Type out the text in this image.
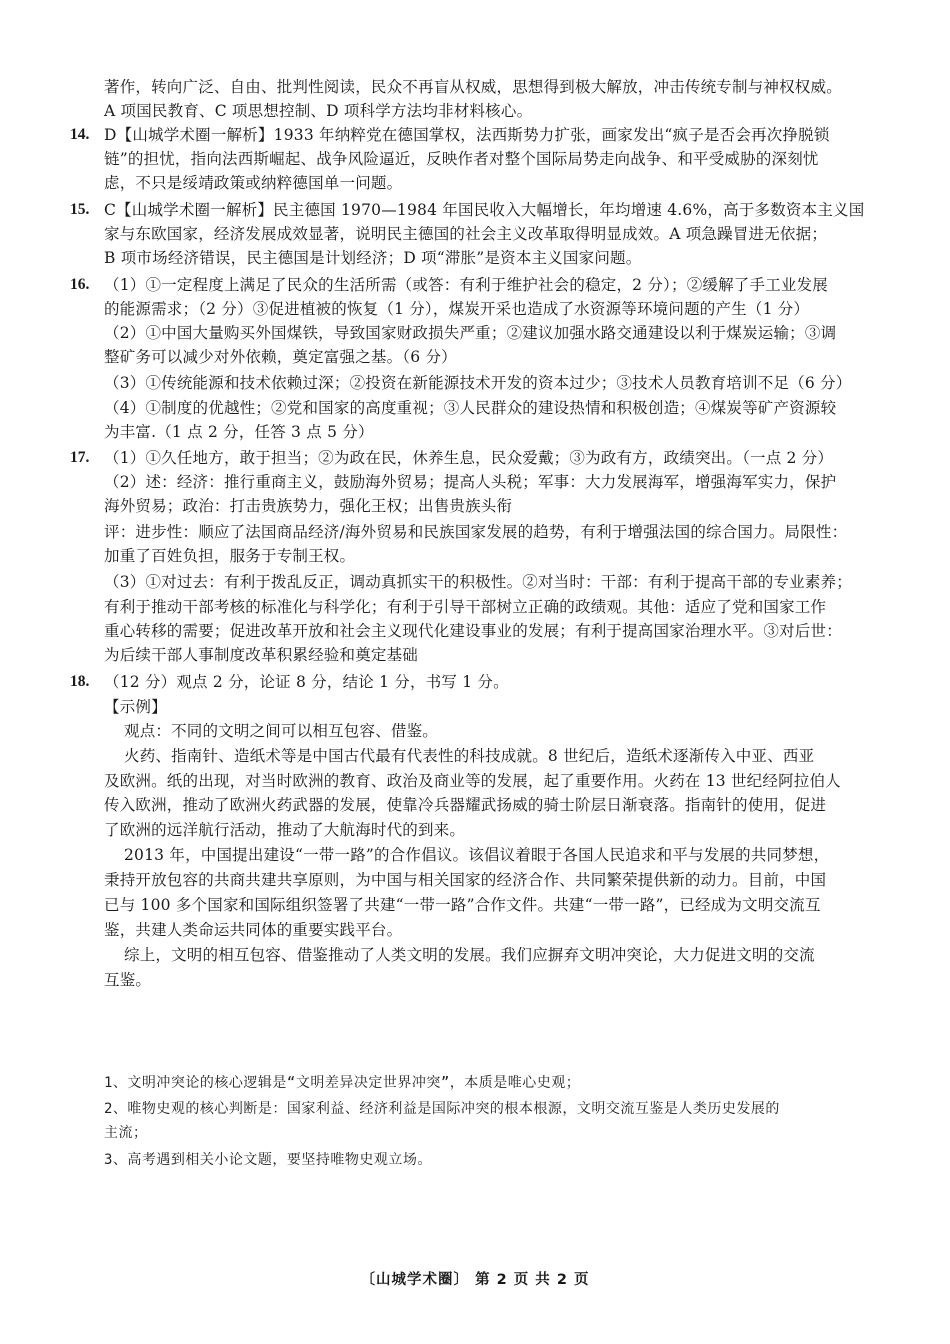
著作，转向广泛、自由、批判性阅读，民众不再盲从权威，思想得到极大解放，冲击传统专制与神权权威。
A 项国民教育、C 项思想控制、D 项科学方法均非材料核心。
14. D【山城学术圈一解析】1933 年纳粹党在德国掌权，法西斯势力扩张，画家发出“疯子是否会再次挣脱锁
链”的担忧，指向法西斯崛起、战争风险逼近，反映作者对整个国际局势走向战争、和平受威胁的深刻忧
虑，不只是绥靖政策或纳粹德国单一问题。
15. C【山城学术圈一解析】民主德国 1970—1984 年国民收入大幅增长，年均增速 4.6%，高于多数资本主义国
家与东欧国家，经济发展成效显著，说明民主德国的社会主义改革取得明显成效。A 项急躁冒进无依据；
B 项市场经济错误，民主德国是计划经济；D 项“滞胀”是资本主义国家问题。
16. （1）①一定程度上满足了民众的生活所需（或答：有利于维护社会的稳定，2 分）；②缓解了手工业发展
的能源需求；（2 分）③促进植被的恢复（1 分），煤炭开采也造成了水资源等环境问题的产生（1 分）
（2）①中国大量购买外国煤铁，导致国家财政损失严重；②建议加强水路交通建设以利于煤炭运输；③调
整矿务可以减少对外依赖，奠定富强之基。（6 分）
（3）①传统能源和技术依赖过深；②投资在新能源技术开发的资本过少；③技术人员教育培训不足（6 分）
（4）①制度的优越性；②党和国家的高度重视；③人民群众的建设热情和积极创造；④煤炭等矿产资源较
为丰富.（1 点 2 分，任答 3 点 5 分）
17. （1）①久任地方，敢于担当；②为政在民，休养生息，民众爱戴；③为政有方，政绩突出。（一点 2 分）
（2）述：经济：推行重商主义，鼓励海外贸易；提高人头税；军事：大力发展海军，增强海军实力，保护
海外贸易；政治：打击贵族势力，强化王权；出售贵族头衔
评：进步性：顺应了法国商品经济/海外贸易和民族国家发展的趋势，有利于增强法国的综合国力。局限性：
加重了百姓负担，服务于专制王权。
（3）①对过去：有利于拨乱反正，调动真抓实干的积极性。②对当时：干部：有利于提高干部的专业素养；
有利于推动干部考核的标准化与科学化；有利于引导干部树立正确的政绩观。其他：适应了党和国家工作
重心转移的需要；促进改革开放和社会主义现代化建设事业的发展；有利于提高国家治理水平。③对后世：
为后续干部人事制度改革积累经验和奠定基础
18. （12 分）观点 2 分，论证 8 分，结论 1 分，书写 1 分。
【示例】
观点：不同的文明之间可以相互包容、借鉴。
火药、指南针、造纸术等是中国古代最有代表性的科技成就。8 世纪后，造纸术逐渐传入中亚、西亚
及欧洲。纸的出现，对当时欧洲的教育、政治及商业等的发展，起了重要作用。火药在 13 世纪经阿拉伯人
传入欧洲，推动了欧洲火药武器的发展，使靠冷兵器耀武扬威的骑士阶层日渐衰落。指南针的使用，促进
了欧洲的远洋航行活动，推动了大航海时代的到来。
2013 年，中国提出建设“一带一路”的合作倡议。该倡议着眼于各国人民追求和平与发展的共同梦想，
秉持开放包容的共商共建共享原则，为中国与相关国家的经济合作、共同繁荣提供新的动力。目前，中国
已与 100 多个国家和国际组织签署了共建“一带一路”合作文件。共建“一带一路”，已经成为文明交流互
鉴，共建人类命运共同体的重要实践平台。
综上，文明的相互包容、借鉴推动了人类文明的发展。我们应摒弃文明冲突论，大力促进文明的交流
互鉴。
1、文明冲突论的核心逻辑是“文明差异决定世界冲突”，本质是唯心史观；
2、唯物史观的核心判断是：国家利益、经济利益是国际冲突的根本根源，文明交流互鉴是人类历史发展的
主流；
3、高考遇到相关小论文题，要坚持唯物史观立场。
〔山城学术圈〕 第 2 页 共 2 页
